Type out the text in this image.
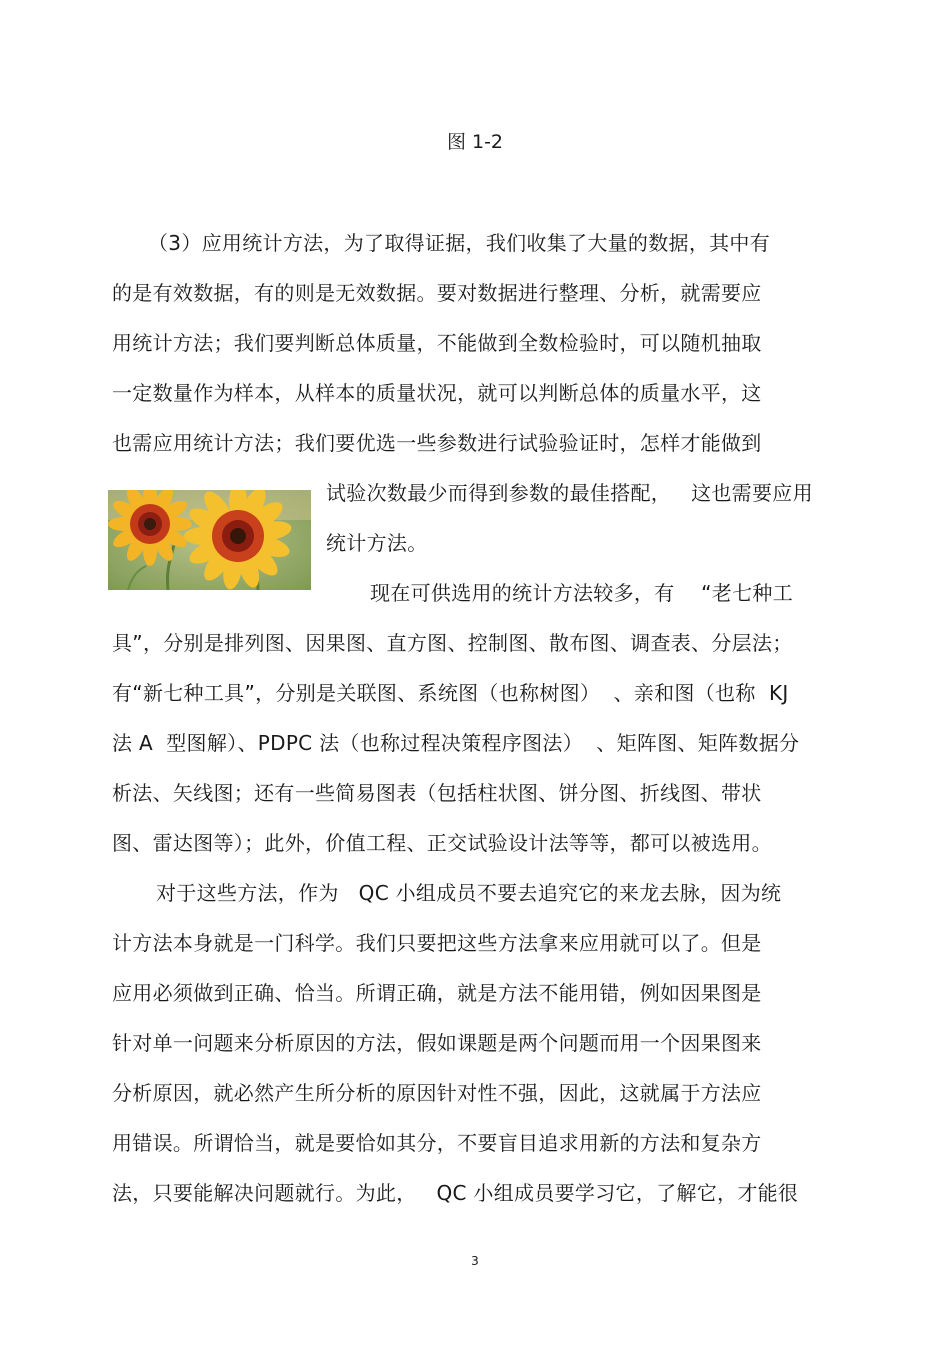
图 1-2
（3）应用统计方法，为了取得证据，我们收集了大量的数据，其中有
的是有效数据，有的则是无效数据。要对数据进行整理、分析，就需要应
用统计方法；我们要判断总体质量，不能做到全数检验时，可以随机抽取
一定数量作为样本，从样本的质量状况，就可以判断总体的质量水平，这
也需应用统计方法；我们要优选一些参数进行试验验证时，怎样才能做到
试验次数最少而得到参数的最佳搭配，   这也需要应用
统计方法。
现在可供选用的统计方法较多，有    “老七种工
具”，分别是排列图、因果图、直方图、控制图、散布图、调查表、分层法；
有“新七种工具”，分别是关联图、系统图（也称树图）  、亲和图（也称  KJ
法 A  型图解）、PDPC 法（也称过程决策程序图法）  、矩阵图、矩阵数据分
析法、矢线图；还有一些简易图表（包括柱状图、饼分图、折线图、带状
图、雷达图等）；此外，价值工程、正交试验设计法等等，都可以被选用。
对于这些方法，作为   QC 小组成员不要去追究它的来龙去脉，因为统
计方法本身就是一门科学。我们只要把这些方法拿来应用就可以了。但是
应用必须做到正确、恰当。所谓正确，就是方法不能用错，例如因果图是
针对单一问题来分析原因的方法，假如课题是两个问题而用一个因果图来
分析原因，就必然产生所分析的原因针对性不强，因此，这就属于方法应
用错误。所谓恰当，就是要恰如其分，不要盲目追求用新的方法和复杂方
法，只要能解决问题就行。为此，   QC 小组成员要学习它，了解它，才能很
3
